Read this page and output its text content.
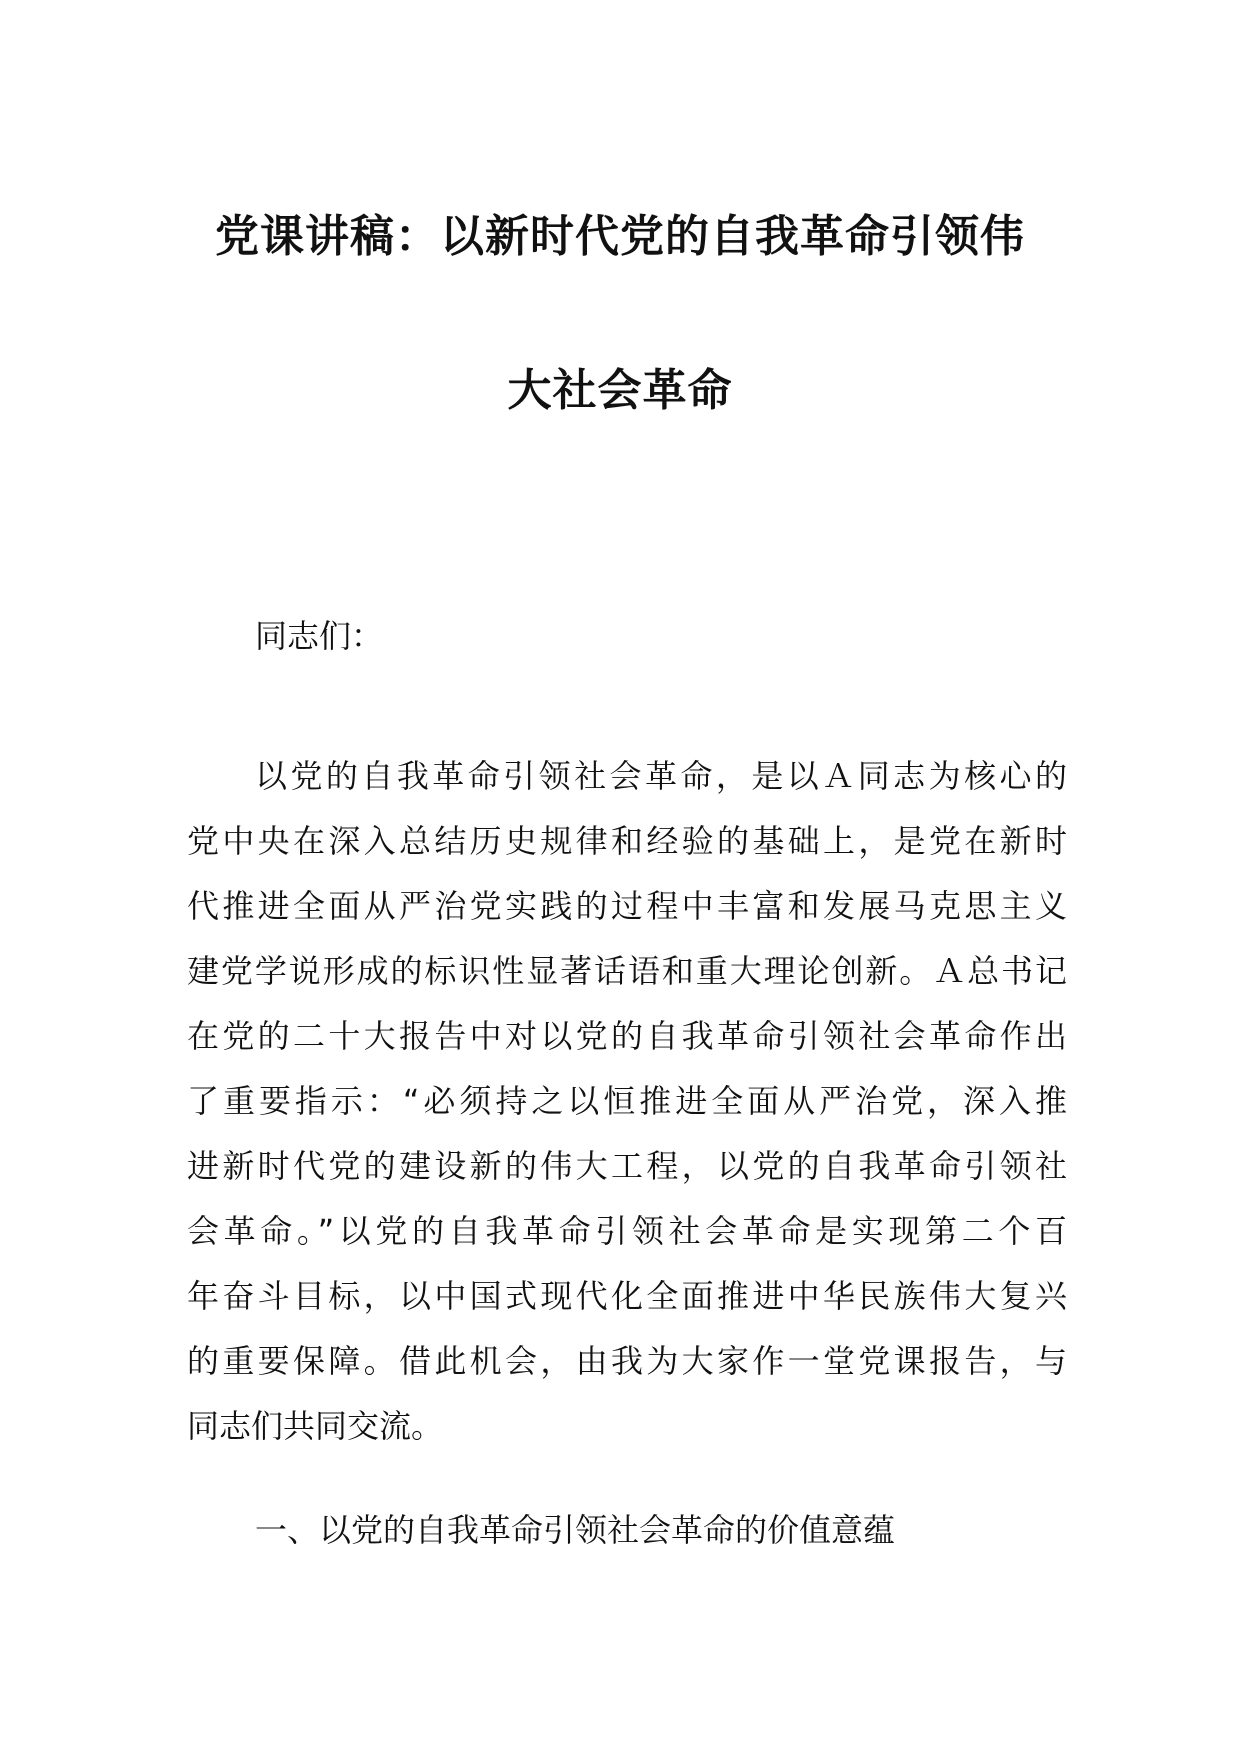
党课讲稿：以新时代党的自我革命引领伟
大社会革命
同志们：
以党的自我革命引领社会革命，是以Ａ同志为核心的
党中央在深入总结历史规律和经验的基础上，是党在新时
代推进全面从严治党实践的过程中丰富和发展马克思主义
建党学说形成的标识性显著话语和重大理论创新。Ａ总书记
在党的二十大报告中对以党的自我革命引领社会革命作出
了重要指示：“必须持之以恒推进全面从严治党，深入推
进新时代党的建设新的伟大工程，以党的自我革命引领社
会革命。”以党的自我革命引领社会革命是实现第二个百
年奋斗目标，以中国式现代化全面推进中华民族伟大复兴
的重要保障。借此机会，由我为大家作一堂党课报告，与
同志们共同交流。
一、以党的自我革命引领社会革命的价值意蕴
